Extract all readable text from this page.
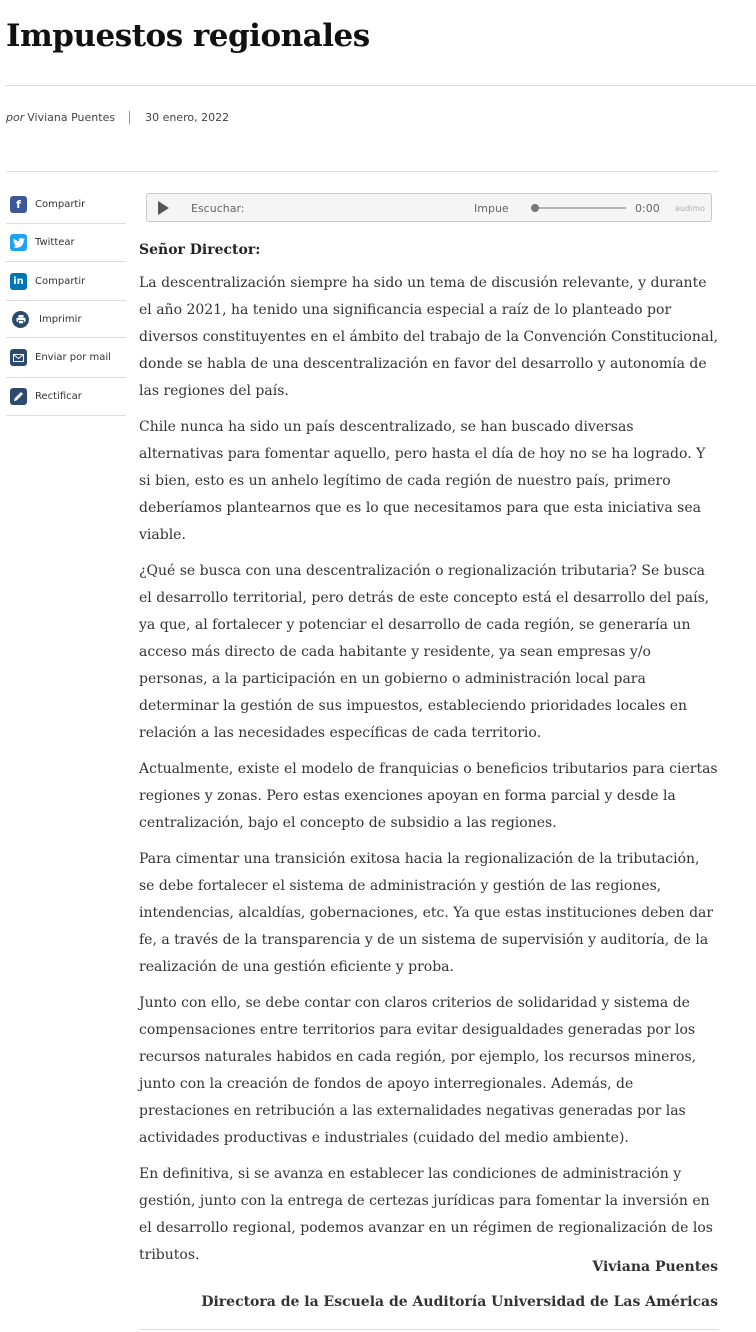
Impuestos regionales
por Viviana Puentes	30 enero, 2022
f	Compartir
Twittear
in	Compartir
Imprimir
Enviar por mail
Rectificar
Escuchar:	Impue	0:00 audimo
Señor Director:

La descentralización siempre ha sido un tema de discusión relevante, y durante el año 2021, ha tenido una significancia especial a raíz de lo planteado por diversos constituyentes en el ámbito del trabajo de la Convención Constitucional, donde se habla de una descentralización en favor del desarrollo y autonomía de las regiones del país.

Chile nunca ha sido un país descentralizado, se han buscado diversas alternativas para fomentar aquello, pero hasta el día de hoy no se ha logrado. Y si bien, esto es un anhelo legítimo de cada región de nuestro país, primero deberíamos plantearnos que es lo que necesitamos para que esta iniciativa sea viable.

¿Qué se busca con una descentralización o regionalización tributaria? Se busca el desarrollo territorial, pero detrás de este concepto está el desarrollo del país, ya que, al fortalecer y potenciar el desarrollo de cada región, se generaría un acceso más directo de cada habitante y residente, ya sean empresas y/o personas, a la participación en un gobierno o administración local para determinar la gestión de sus impuestos, estableciendo prioridades locales en relación a las necesidades específicas de cada territorio.

Actualmente, existe el modelo de franquicias o beneficios tributarios para ciertas regiones y zonas. Pero estas exenciones apoyan en forma parcial y desde la centralización, bajo el concepto de subsidio a las regiones.

Para cimentar una transición exitosa hacia la regionalización de la tributación, se debe fortalecer el sistema de administración y gestión de las regiones, intendencias, alcaldías, gobernaciones, etc. Ya que estas instituciones deben dar fe, a través de la transparencia y de un sistema de supervisión y auditoría, de la realización de una gestión eficiente y proba.

Junto con ello, se debe contar con claros criterios de solidaridad y sistema de compensaciones entre territorios para evitar desigualdades generadas por los recursos naturales habidos en cada región, por ejemplo, los recursos mineros, junto con la creación de fondos de apoyo interregionales. Además, de prestaciones en retribución a las externalidades negativas generadas por las actividades productivas e industriales (cuidado del medio ambiente).

En definitiva, si se avanza en establecer las condiciones de administración y gestión, junto con la entrega de certezas jurídicas para fomentar la inversión en el desarrollo regional, podemos avanzar en un régimen de regionalización de los tributos.

Viviana Puentes
Directora de la Escuela de Auditoría Universidad de Las Américas
